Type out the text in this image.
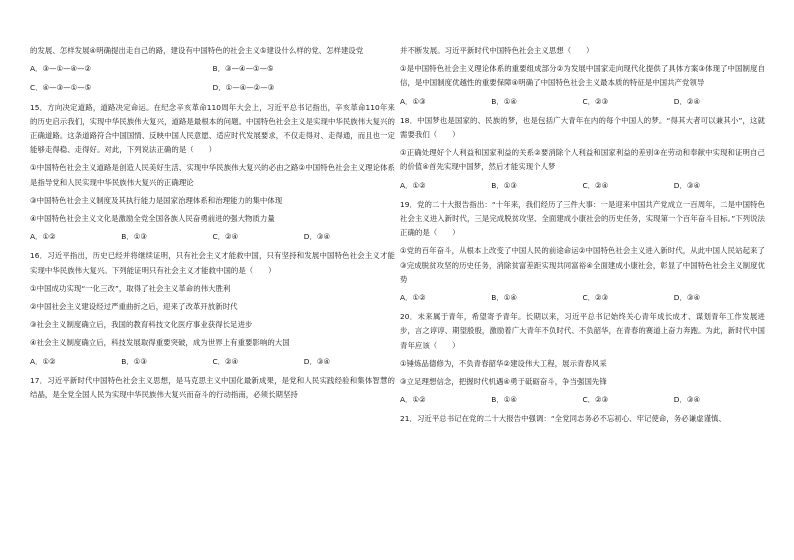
的发展、怎样发展④明确提出走自己的路，建设有中国特色的社会主义⑤建设什么样的党、怎样建设党

A．③—①—④—②	B．③—④—①—⑤
C．④—③—①—⑤	D．①—④—②—③

15．方向决定道路，道路决定命运。在纪念辛亥革命110周年大会上，习近平总书记指出，辛亥革命110年来的历史启示我们，实现中华民族伟大复兴，道路是最根本的问题。中国特色社会主义是实现中华民族伟大复兴的正确道路。这条道路符合中国国情、反映中国人民意愿、适应时代发展要求，不仅走得对、走得通，而且也一定能够走得稳、走得好。对此，下列说法正确的是（　　）

①中国特色社会主义道路是创造人民美好生活、实现中华民族伟大复兴的必由之路②中国特色社会主义理论体系是指导党和人民实现中华民族伟大复兴的正确理论

③中国特色社会主义制度及其执行能力是国家治理体系和治理能力的集中体现

④中国特色社会主义文化是激励全党全国各族人民奋勇前进的强大物质力量

A．①②	B．①③	C．②④	D．③④

16．习近平指出，历史已经并将继续证明，只有社会主义才能救中国，只有坚持和发展中国特色社会主义才能实现中华民族伟大复兴。下列能证明只有社会主义才能救中国的是（　　）

①中国成功实现“一化三改”，取得了社会主义革命的伟大胜利

②中国社会主义建设经过严重曲折之后，迎来了改革开放新时代

③社会主义制度确立后，我国的教育科技文化医疗事业获得长足进步

④社会主义制度确立后，科技发展取得重要突破，成为世界上有重要影响的大国

A．①②	B．①③	C．②④	D．③④

17．习近平新时代中国特色社会主义思想，是马克思主义中国化最新成果，是党和人民实践经验和集体智慧的结晶，是全党全国人民为实现中华民族伟大复兴而奋斗的行动指南，必须长期坚持

并不断发展。习近平新时代中国特色社会主义思想（　　）

①是中国特色社会主义理论体系的重要组成部分②为发展中国家走向现代化提供了具体方案③体现了中国制度自信，是中国制度优越性的重要保障④明确了中国特色社会主义最本质的特征是中国共产党领导

A．①③	B．①④	C．②③	D．②④

18．中国梦也是国家的、民族的梦，也是包括广大青年在内的每个中国人的梦。“得其大者可以兼其小”，这就需要我们（　　）

①正确处理好个人利益和国家利益的关系②要消除个人利益和国家利益的差别③在劳动和奉献中实现和证明自己的价值④首先实现中国梦，然后才能实现个人梦

A．①②	B．①③	C．②④	D．③④

19．党的二十大报告指出：“十年来，我们经历了三件大事：一是迎来中国共产党成立一百周年，二是中国特色社会主义进入新时代，三是完成脱贫攻坚、全面建成小康社会的历史任务，实现第一个百年奋斗目标。”下列说法正确的是（　　）

①党的百年奋斗，从根本上改变了中国人民的前途命运②中国特色社会主义进入新时代，从此中国人民站起来了③完成脱贫攻坚的历史任务，消除贫富差距实现共同富裕④全面建成小康社会，彰显了中国特色社会主义制度优势

A．①②	B．①④	C．②③	D．③④

20．未来属于青年，希望寄予青年。长期以来，习近平总书记始终关心青年成长成才、谋划青年工作发展进步，言之谆谆、期望殷殷，激励着广大青年不负时代、不负韶华，在青春的赛道上奋力奔跑。为此，新时代中国青年应该（　　）

①锤炼品德修为，不负青春韶华②建设伟大工程，展示青春风采

③立足理想信念，把握时代机遇④勇于砥砺奋斗，争当强国先锋

A．①②	B．①④	C．②③	D．③④

21．习近平总书记在党的二十大报告中强调：“全党同志务必不忘初心、牢记使命，务必谦虚谨慎、
